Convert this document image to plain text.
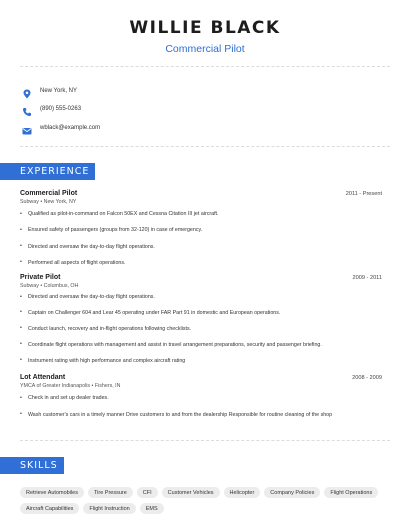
WILLIE BLACK
Commercial Pilot
New York, NY
(890) 555-0263
wblack@example.com
EXPERIENCE
Commercial Pilot	2011 - Present
Subway • New York, NY
• Qualified as pilot-in-command on Falcon 50EX and Cessna Citation III jet aircraft.
• Ensured safety of passengers (groups from 32-120) in case of emergency.
• Directed and oversaw the day-to-day flight operations.
• Performed all aspects of flight operations.
Private Pilot	2009 - 2011
Subway • Columbus, OH
• Directed and oversaw the day-to-day flight operations.
• Captain on Challenger 604 and Lear 45 operating under FAR Part 91 in domestic and European operations.
• Conduct launch, recovery and in-flight operations following checklists.
• Coordinate flight operations with management and assist in travel arrangement preparations, security and passenger briefing.
• Instrument rating with high performance and complex aircraft rating
Lot Attendant	2008 - 2009
YMCA of Greater Indianapolis • Fishers, IN
• Check in and set up dealer trades.
• Wash customer's cars in a timely manner Drive customers to and from the dealership Responsible for routine cleaning of the shop
SKILLS
Retrieve Automobiles	Tire Pressure	CFI	Customer Vehicles	Helicopter	Company Policies	Flight Operations
Aircraft Capabilities	Flight Instruction	EMS
